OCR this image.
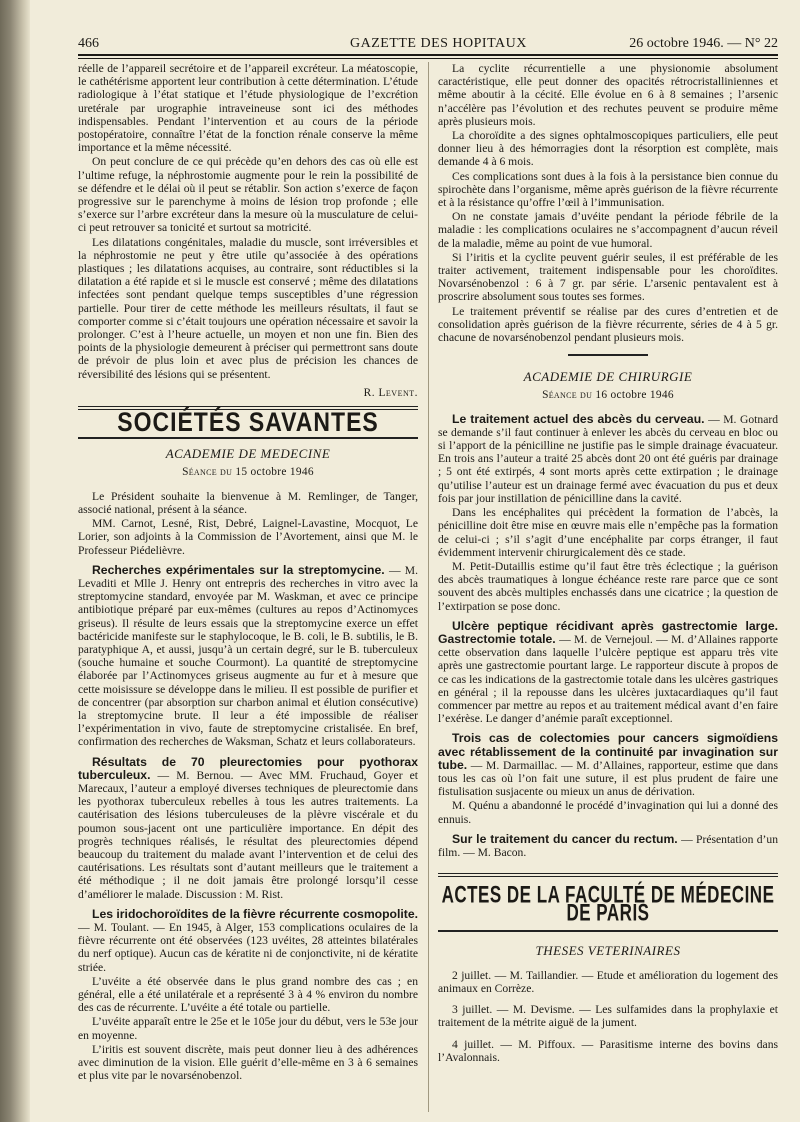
466	GAZETTE DES HOPITAUX	26 octobre 1946. — N° 22

réelle de l’appareil secrétoire et de l’appareil excréteur. La méatoscopie, le cathétérisme apportent leur contribution à cette détermination. L’étude radiologique à l’état statique et l’étude physiologique de l’excrétion uretérale par urographie intraveineuse sont ici des méthodes indispensables. Pendant l’intervention et au cours de la période postopératoire, connaître l’état de la fonction rénale conserve la même importance et la même nécessité.

On peut conclure de ce qui précède qu’en dehors des cas où elle est l’ultime refuge, la néphrostomie augmente pour le rein la possibilité de se défendre et le délai où il peut se rétablir. Son action s’exerce de façon progressive sur le parenchyme à moins de lésion trop profonde ; elle s’exerce sur l’arbre excréteur dans la mesure où la musculature de celui-ci peut retrouver sa tonicité et surtout sa motricité.

Les dilatations congénitales, maladie du muscle, sont irréversibles et la néphrostomie ne peut y être utile qu’associée à des opérations plastiques ; les dilatations acquises, au contraire, sont réductibles si la dilatation a été rapide et si le muscle est conservé ; même des dilatations infectées sont pendant quelque temps susceptibles d’une régression partielle. Pour tirer de cette méthode les meilleurs résultats, il faut se comporter comme si c’était toujours une opération nécessaire et savoir la prolonger. C’est à l’heure actuelle, un moyen et non une fin. Bien des points de la physiologie demeurent à préciser qui permettront sans doute de prévoir de plus loin et avec plus de précision les chances de réversibilité des lésions qui se présentent.

R. Levent.
SOCIÉTÉS SAVANTES
ACADEMIE DE MEDECINE
Séance du 15 octobre 1946

Le Président souhaite la bienvenue à M. Remlinger, de Tanger, associé national, présent à la séance.

MM. Carnot, Lesné, Rist, Debré, Laignel-Lavastine, Mocquot, Le Lorier, son adjoints à la Commission de l’Avortement, ainsi que M. le Professeur Piédelièvre.

Recherches expérimentales sur la streptomycine. — M. Levaditi et Mlle J. Henry ont entrepris des recherches in vitro avec la streptomycine standard, envoyée par M. Waskman, et avec ce principe antibiotique préparé par eux-mêmes (cultures au repos d’Actinomyces griseus). Il résulte de leurs essais que la streptomycine exerce un effet bactéricide manifeste sur le staphylocoque, le B. coli, le B. subtilis, le B. paratyphique A, et aussi, jusqu’à un certain degré, sur le B. tuberculeux (souche humaine et souche Courmont). La quantité de streptomycine élaborée par l’Actinomyces griseus augmente au fur et à mesure que cette moisissure se développe dans le milieu. Il est possible de purifier et de concentrer (par absorption sur charbon animal et élution consécutive) la streptomycine brute. Il leur a été impossible de réaliser l’expérimentation in vivo, faute de streptomycine cristalisée. En bref, confirmation des recherches de Waksman, Schatz et leurs collaborateurs.

Résultats de 70 pleurectomies pour pyothorax tuberculeux. — M. Bernou. — Avec MM. Fruchaud, Goyer et Marecaux, l’auteur a employé diverses techniques de pleurectomie dans les pyothorax tuberculeux rebelles à tous les autres traitements. La cautérisation des lésions tuberculeuses de la plèvre viscérale et du poumon sous-jacent ont une particulière importance. En dépit des progrès techniques réalisés, le résultat des pleurectomies dépend beaucoup du traitement du malade avant l’intervention et de celui des cautérisations. Les résultats sont d’autant meilleurs que le traitement a été méthodique ; il ne doit jamais être prolongé lorsqu’il cesse d’améliorer le malade. Discussion : M. Rist.

Les iridochoroïdites de la fièvre récurrente cosmopolite. — M. Toulant. — En 1945, à Alger, 153 complications oculaires de la fièvre récurrente ont été observées (123 uvéites, 28 atteintes bilatérales du nerf optique). Aucun cas de kératite ni de conjonctivite, ni de kératite striée.

L’uvéite a été observée dans le plus grand nombre des cas ; en général, elle a été unilatérale et a représenté 3 à 4 % environ du nombre des cas de récurrente. L’uvéite a été totale ou partielle.

L’uvéite apparaît entre le 25e et le 105e jour du début, vers le 53e jour en moyenne.

L’iritis est souvent discrète, mais peut donner lieu à des adhérences avec diminution de la vision. Elle guérit d’elle-même en 3 à 6 semaines et plus vite par le novarsénobenzol.

La cyclite récurrentielle a une physionomie absolument caractéristique, elle peut donner des opacités rétrocristalliniennes et même aboutir à la cécité. Elle évolue en 6 à 8 semaines ; l’arsenic n’accélère pas l’évolution et des rechutes peuvent se produire même après plusieurs mois.

La choroïdite a des signes ophtalmoscopiques particuliers, elle peut donner lieu à des hémorragies dont la résorption est complète, mais demande 4 à 6 mois.

Ces complications sont dues à la fois à la persistance bien connue du spirochète dans l’organisme, même après guérison de la fièvre récurrente et à la résistance qu’offre l’œil à l’immunisation.

On ne constate jamais d’uvéite pendant la période fébrile de la maladie : les complications oculaires ne s’accompagnent d’aucun réveil de la maladie, même au point de vue humoral.

Si l’iritis et la cyclite peuvent guérir seules, il est préférable de les traiter activement, traitement indispensable pour les choroïdites. Novarsénobenzol : 6 à 7 gr. par série. L’arsenic pentavalent est à proscrire absolument sous toutes ses formes.

Le traitement préventif se réalise par des cures d’entretien et de consolidation après guérison de la fièvre récurrente, séries de 4 à 5 gr. chacune de novarsénobenzol pendant plusieurs mois.

ACADEMIE DE CHIRURGIE
Séance du 16 octobre 1946

Le traitement actuel des abcès du cerveau. — M. Gotnard se demande s’il faut continuer à enlever les abcès du cerveau en bloc ou si l’apport de la pénicilline ne justifie pas le simple drainage évacuateur. En trois ans l’auteur a traité 25 abcès dont 20 ont été guéris par drainage ; 5 ont été extirpés, 4 sont morts après cette extirpation ; le drainage qu’utilise l’auteur est un drainage fermé avec évacuation du pus et deux fois par jour instillation de pénicilline dans la cavité.

Dans les encéphalites qui précèdent la formation de l’abcès, la pénicilline doit être mise en œuvre mais elle n’empêche pas la formation de celui-ci ; s’il s’agit d’une encéphalite par corps étranger, il faut évidemment intervenir chirurgicalement dès ce stade.

M. Petit-Dutaillis estime qu’il faut être très éclectique ; la guérison des abcès traumatiques à longue échéance reste rare parce que ce sont souvent des abcès multiples enchassés dans une cicatrice ; la question de l’extirpation se pose donc.

Ulcère peptique récidivant après gastrectomie large. Gastrectomie totale. — M. de Vernejoul. — M. d’Allaines rapporte cette observation dans laquelle l’ulcère peptique est apparu très vite après une gastrectomie pourtant large. Le rapporteur discute à propos de ce cas les indications de la gastrectomie totale dans les ulcères gastriques en général ; il la repousse dans les ulcères juxtacardiaques qu’il faut commencer par mettre au repos et au traitement médical avant d’en faire l’exérèse. Le danger d’anémie paraît exceptionnel.

Trois cas de colectomies pour cancers sigmoïdiens avec rétablissement de la continuité par invagination sur tube. — M. Darmaillac. — M. d’Allaines, rapporteur, estime que dans tous les cas où l’on fait une suture, il est plus prudent de faire une fistulisation susjacente ou mieux un anus de dérivation.

M. Quénu a abandonné le procédé d’invagination qui lui a donné des ennuis.

Sur le traitement du cancer du rectum. — Présentation d’un film. — M. Bacon.

ACTES DE LA FACULTÉ DE MÉDECINE DE PARIS
THESES VETERINAIRES

2 juillet. — M. Taillandier. — Etude et amélioration du logement des animaux en Corrèze.

3 juillet. — M. Devisme. — Les sulfamides dans la prophylaxie et traitement de la métrite aiguë de la jument.

4 juillet. — M. Piffoux. — Parasitisme interne des bovins dans l’Avalonnais.
